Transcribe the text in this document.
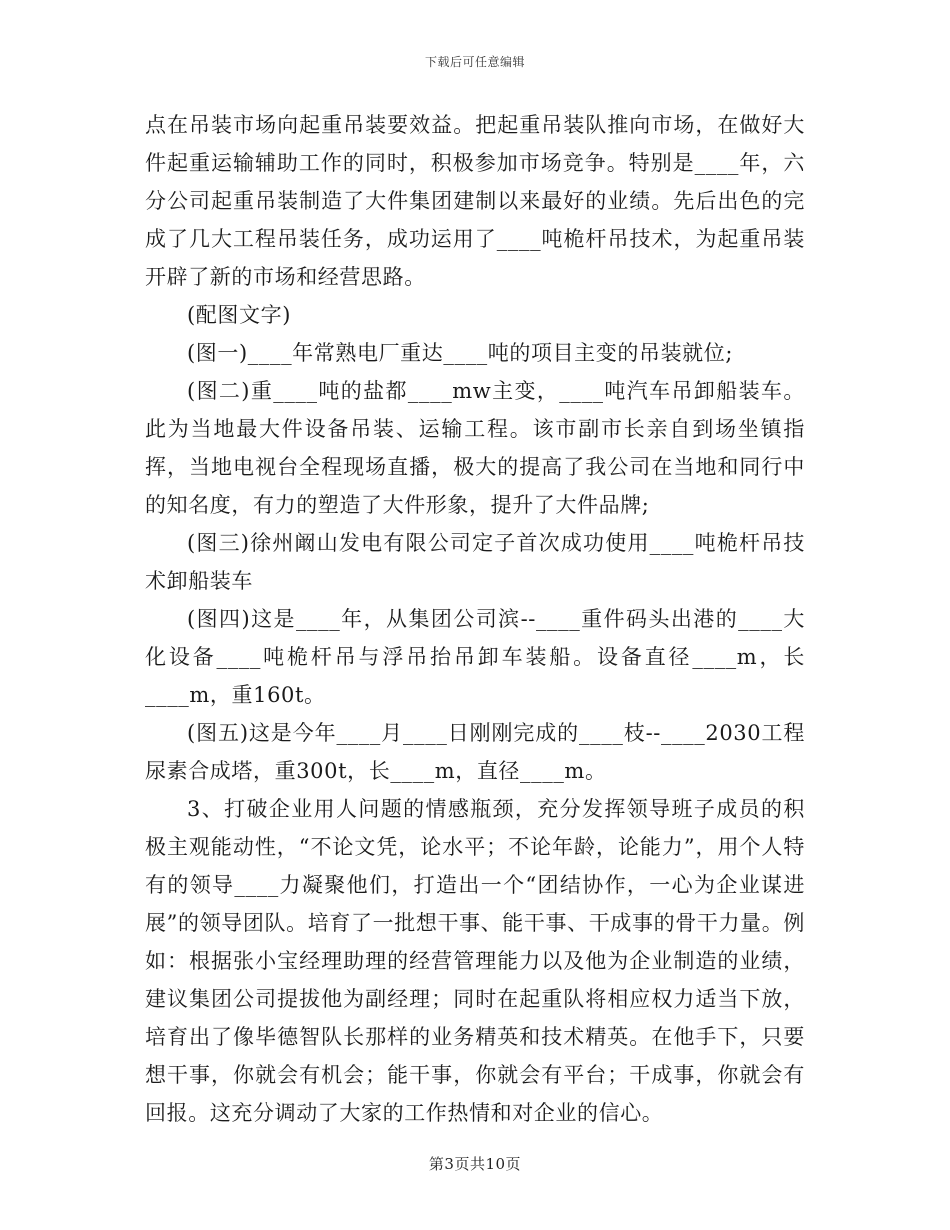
下载后可任意编辑

点在吊装市场向起重吊装要效益。把起重吊装队推向市场，在做好大件起重运输辅助工作的同时，积极参加市场竞争。特别是____年，六分公司起重吊装制造了大件集团建制以来最好的业绩。先后出色的完成了几大工程吊装任务，成功运用了____吨桅杆吊技术，为起重吊装开辟了新的市场和经营思路。

(配图文字)

(图一)____年常熟电厂重达____吨的项目主变的吊装就位;

(图二)重____吨的盐都____mw主变，____吨汽车吊卸船装车。此为当地最大件设备吊装、运输工程。该市副市长亲自到场坐镇指挥，当地电视台全程现场直播，极大的提高了我公司在当地和同行中的知名度，有力的塑造了大件形象，提升了大件品牌;

(图三)徐州阚山发电有限公司定子首次成功使用____吨桅杆吊技术卸船装车

(图四)这是____年，从集团公司滨--____重件码头出港的____大化设备____吨桅杆吊与浮吊抬吊卸车装船。设备直径____m，长____m，重160t。

(图五)这是今年____月____日刚刚完成的____枝--____2030工程尿素合成塔，重300t，长____m，直径____m。

3、打破企业用人问题的情感瓶颈，充分发挥领导班子成员的积极主观能动性，“不论文凭，论水平；不论年龄，论能力”，用个人特有的领导____力凝聚他们，打造出一个“团结协作，一心为企业谋进展”的领导团队。培育了一批想干事、能干事、干成事的骨干力量。例如：根据张小宝经理助理的经营管理能力以及他为企业制造的业绩，建议集团公司提拔他为副经理；同时在起重队将相应权力适当下放，培育出了像毕德智队长那样的业务精英和技术精英。在他手下，只要想干事，你就会有机会；能干事，你就会有平台；干成事，你就会有回报。这充分调动了大家的工作热情和对企业的信心。

第3页共10页
